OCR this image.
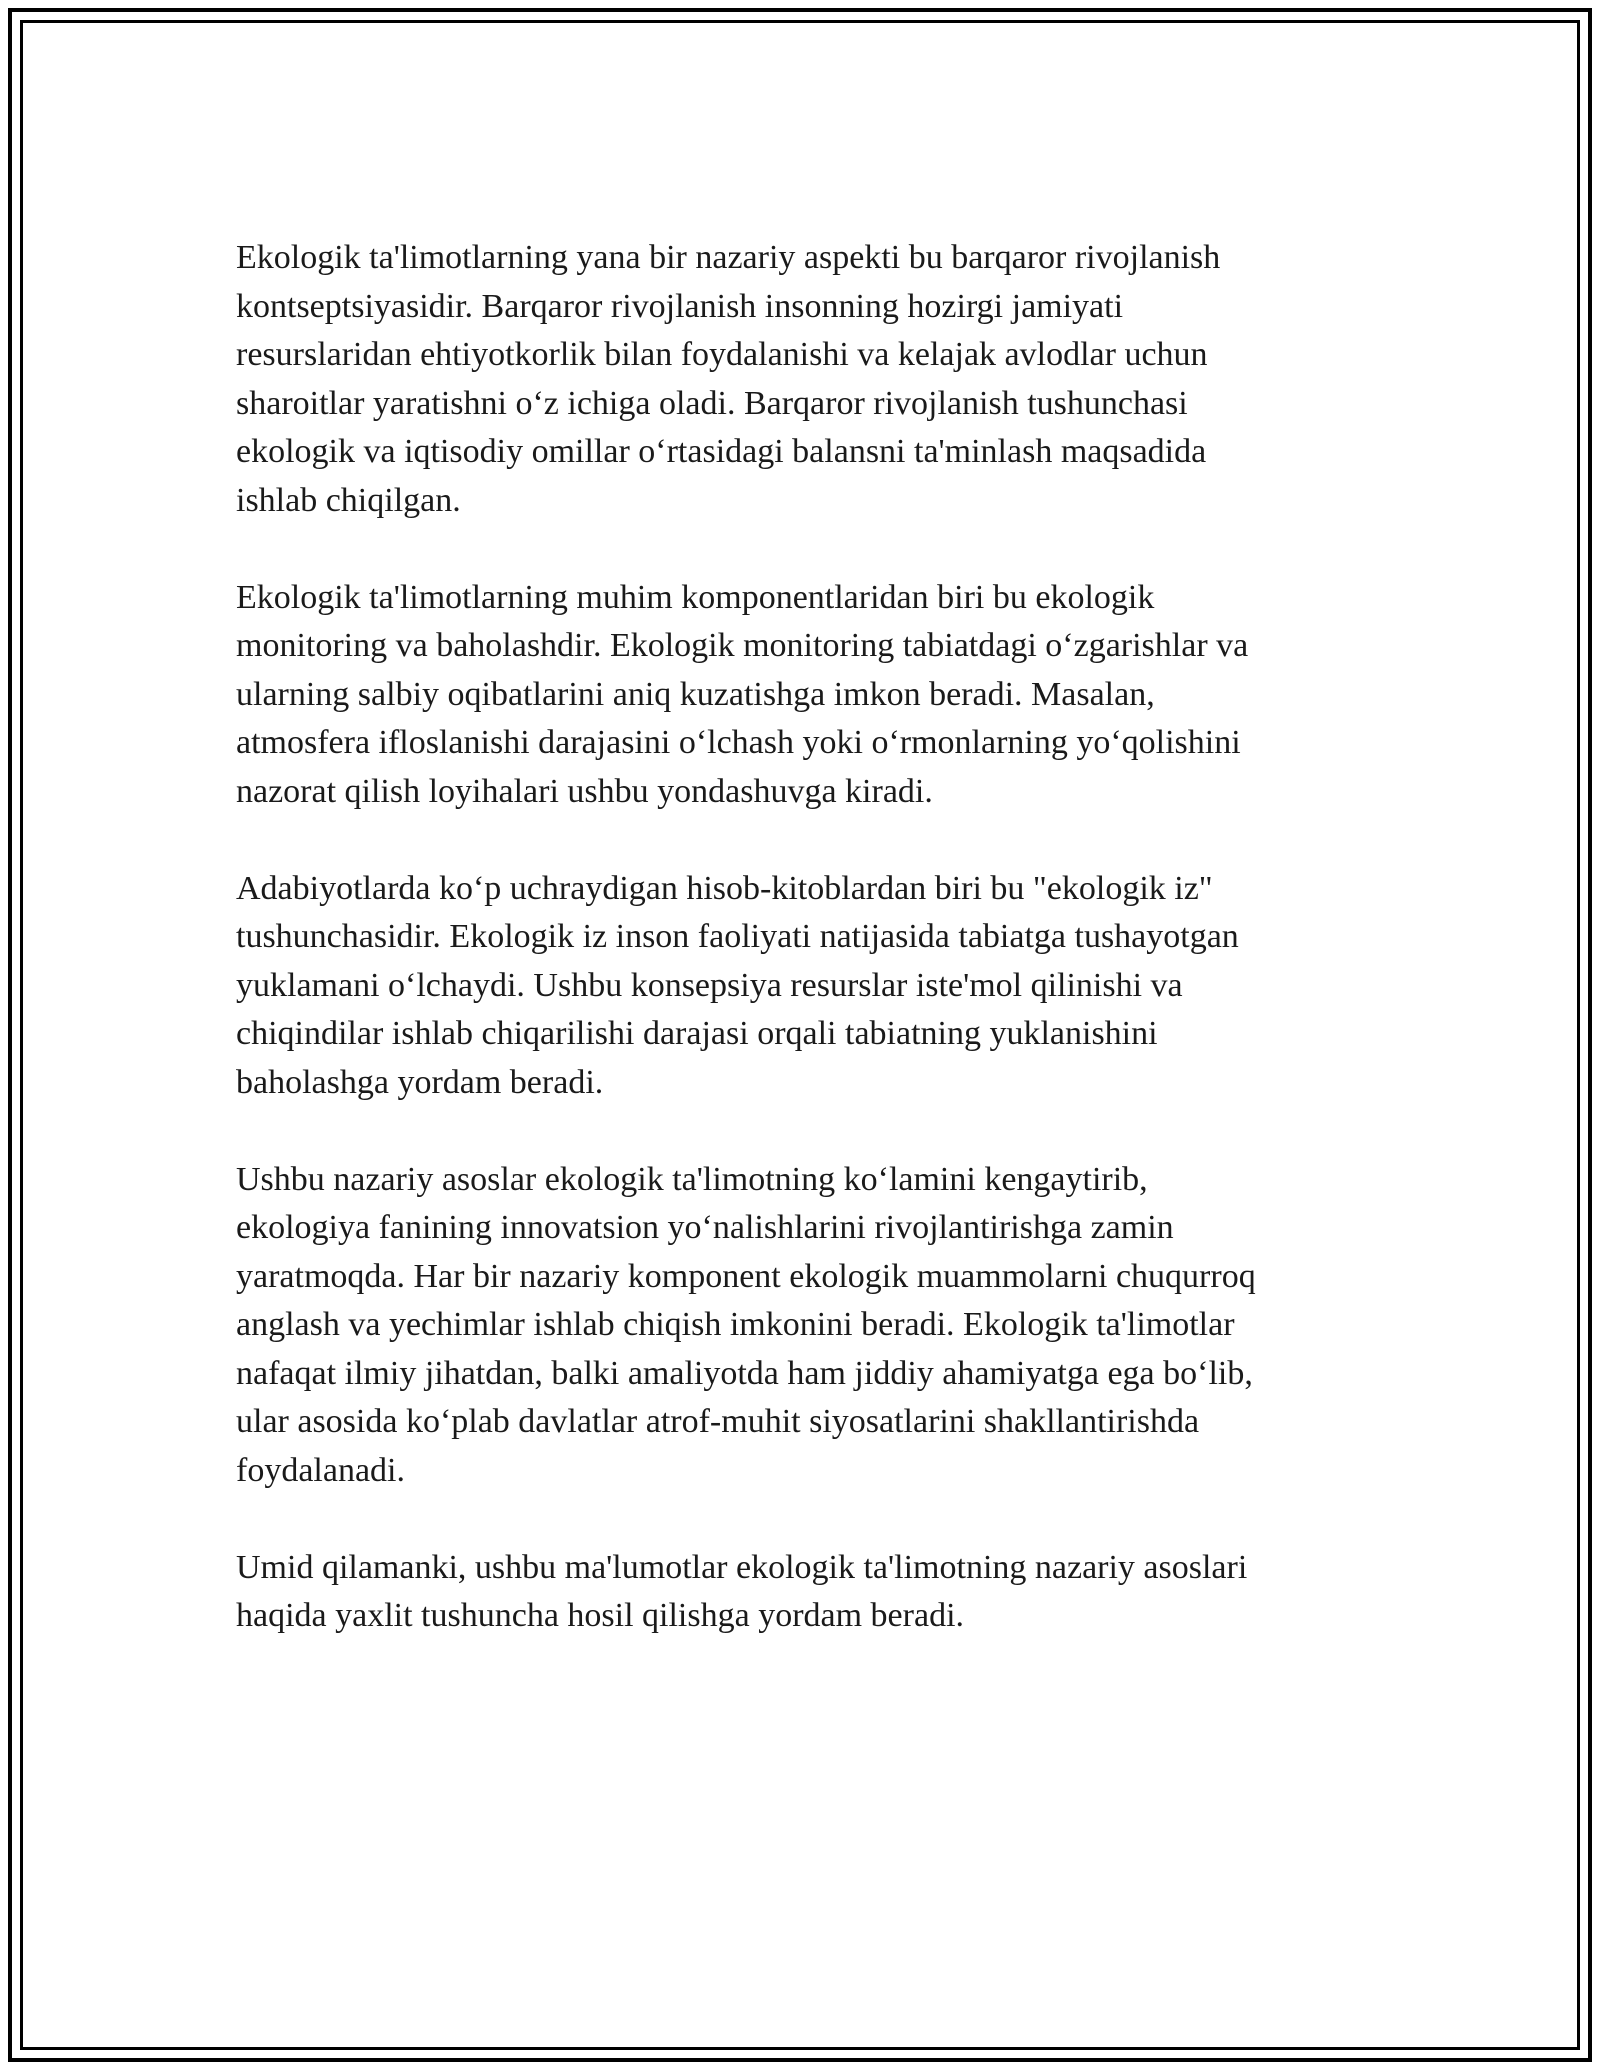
Ekologik ta'limotlarning yana bir nazariy aspekti bu barqaror rivojlanish
kontseptsiyasidir. Barqaror rivojlanish insonning hozirgi jamiyati
resurslaridan ehtiyotkorlik bilan foydalanishi va kelajak avlodlar uchun
sharoitlar yaratishni o‘z ichiga oladi. Barqaror rivojlanish tushunchasi
ekologik va iqtisodiy omillar o‘rtasidagi balansni ta'minlash maqsadida
ishlab chiqilgan.

Ekologik ta'limotlarning muhim komponentlaridan biri bu ekologik
monitoring va baholashdir. Ekologik monitoring tabiatdagi o‘zgarishlar va
ularning salbiy oqibatlarini aniq kuzatishga imkon beradi. Masalan,
atmosfera ifloslanishi darajasini o‘lchash yoki o‘rmonlarning yo‘qolishini
nazorat qilish loyihalari ushbu yondashuvga kiradi.

Adabiyotlarda ko‘p uchraydigan hisob-kitoblardan biri bu "ekologik iz"
tushunchasidir. Ekologik iz inson faoliyati natijasida tabiatga tushayotgan
yuklamani o‘lchaydi. Ushbu konsepsiya resurslar iste'mol qilinishi va
chiqindilar ishlab chiqarilishi darajasi orqali tabiatning yuklanishini
baholashga yordam beradi.

Ushbu nazariy asoslar ekologik ta'limotning ko‘lamini kengaytirib,
ekologiya fanining innovatsion yo‘nalishlarini rivojlantirishga zamin
yaratmoqda. Har bir nazariy komponent ekologik muammolarni chuqurroq
anglash va yechimlar ishlab chiqish imkonini beradi. Ekologik ta'limotlar
nafaqat ilmiy jihatdan, balki amaliyotda ham jiddiy ahamiyatga ega bo‘lib,
ular asosida ko‘plab davlatlar atrof-muhit siyosatlarini shakllantirishda
foydalanadi.

Umid qilamanki, ushbu ma'lumotlar ekologik ta'limotning nazariy asoslari
haqida yaxlit tushuncha hosil qilishga yordam beradi.
